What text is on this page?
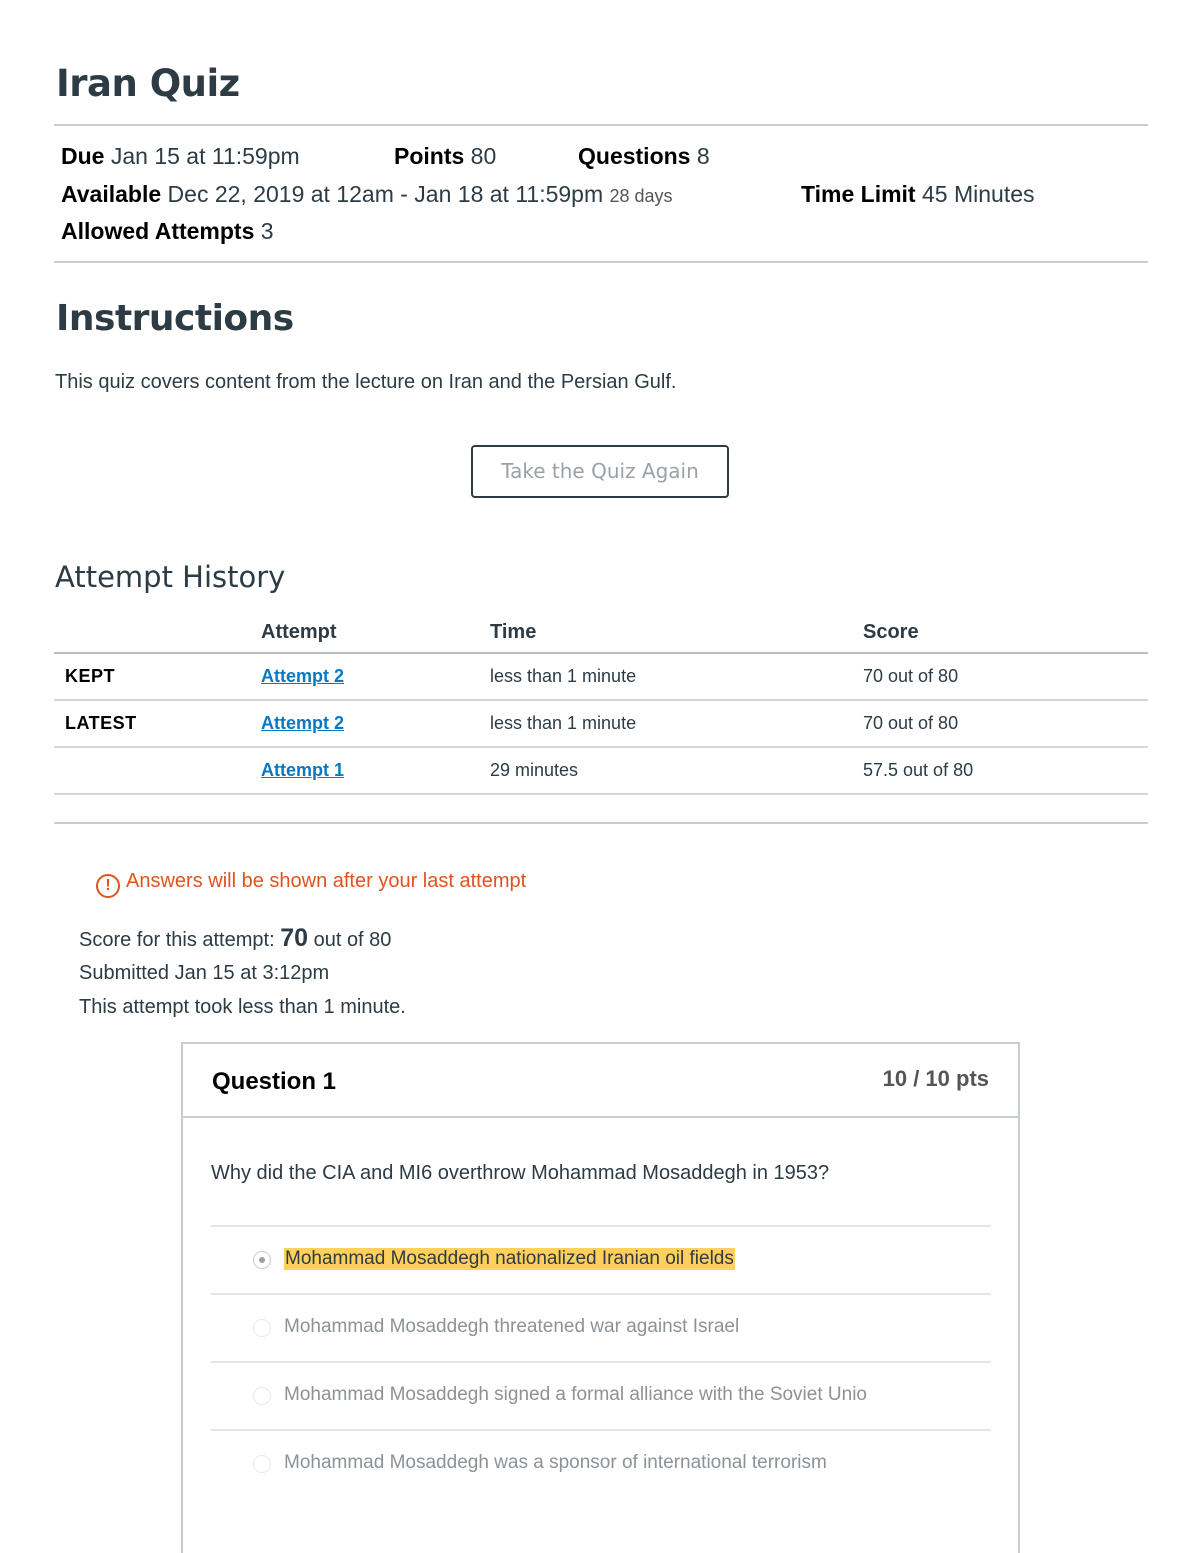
Iran Quiz
Due Jan 15 at 11:59pm	Points 80	Questions 8
Available Dec 22, 2019 at 12am - Jan 18 at 11:59pm 28 days	Time Limit 45 Minutes
Allowed Attempts 3
Instructions
This quiz covers content from the lecture on Iran and the Persian Gulf.
Take the Quiz Again
Attempt History
	Attempt	Time	Score
KEPT	Attempt 2	less than 1 minute	70 out of 80
LATEST	Attempt 2	less than 1 minute	70 out of 80
	Attempt 1	29 minutes	57.5 out of 80
! Answers will be shown after your last attempt
Score for this attempt: 70 out of 80
Submitted Jan 15 at 3:12pm
This attempt took less than 1 minute.
Question 1	10 / 10 pts
Why did the CIA and MI6 overthrow Mohammad Mosaddegh in 1953?
Mohammad Mosaddegh nationalized Iranian oil fields
Mohammad Mosaddegh threatened war against Israel
Mohammad Mosaddegh signed a formal alliance with the Soviet Unio
Mohammad Mosaddegh was a sponsor of international terrorism
